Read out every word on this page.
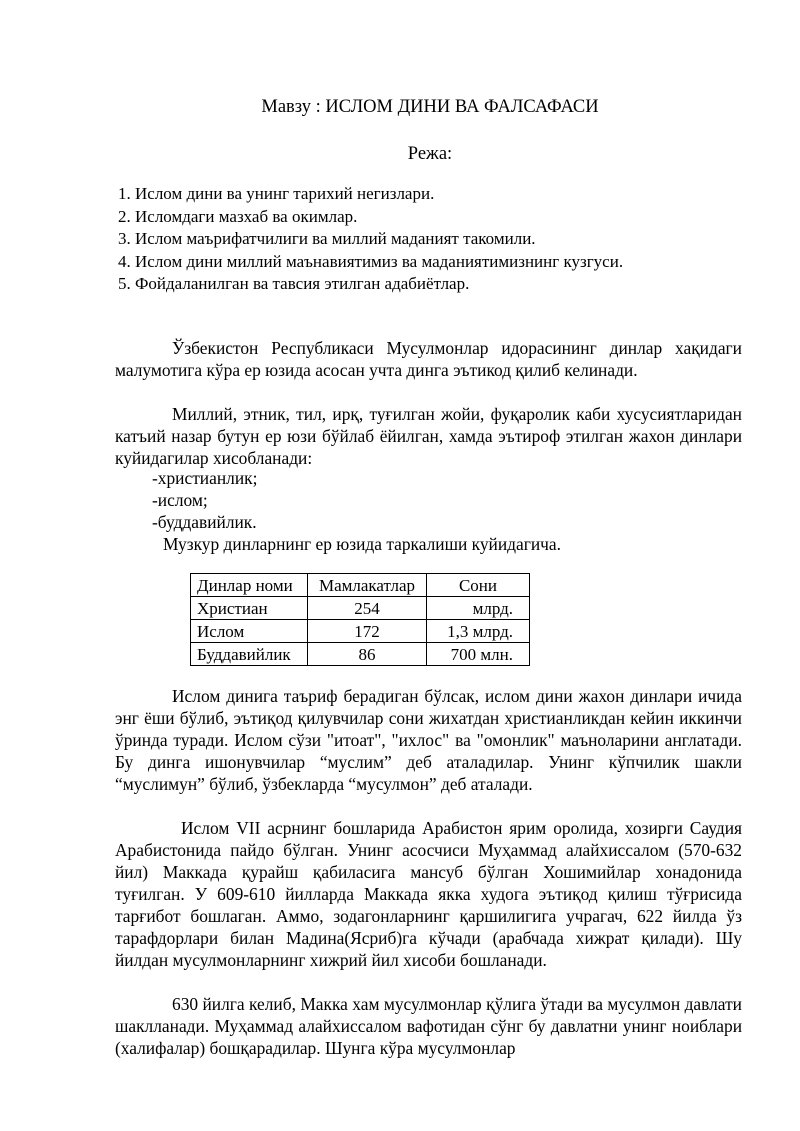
Мавзу : ИСЛОМ ДИНИ ВА ФАЛСАФАСИ
Режа:
1. Ислом дини ва унинг тарихий негизлари.
2. Исломдаги мазхаб ва окимлар.
3. Ислом маърифатчилиги ва миллий маданият такомили.
4. Ислом дини миллий маънавиятимиз ва маданиятимизнинг кузгуси.
5. Фойдаланилган ва тавсия этилган адабиётлар.

Ўзбекистон Республикаси Мусулмонлар идорасининг динлар хақидаги малумотига кўра ер юзида асосан учта динга эътикод қилиб келинади.

Миллий, этник, тил, ирқ, туғилган жойи, фуқаролик каби хусусиятларидан катъий назар бутун ер юзи бўйлаб ёйилган, хамда эътироф этилган жахон динлари куйидагилар хисобланади:

-христианлик;
-ислом;
-буддавийлик.
Музкур динларнинг ер юзида таркалиши куйидагича.
Динлар номи	Мамлакатлар	Сони
Христиан	254	млрд.
Ислом	172	1,3 млрд.
Буддавийлик	86	700 млн.

Ислом динига таъриф берадиган бўлсак, ислом дини жахон динлари ичида энг ёши бўлиб, эътиқод қилувчилар сони жихатдан христианликдан кейин иккинчи ўринда туради. Ислом сўзи "итоат", "ихлос" ва "омонлик" маъноларини англатади. Бу динга ишонувчилар “муслим” деб аталадилар. Унинг кўпчилик шакли “муслимун” бўлиб, ўзбекларда “мусулмон” деб аталади.

Ислом VII асрнинг бошларида Арабистон ярим оролида, хозирги Саудия Арабистонида пайдо бўлган. Унинг асосчиси Муҳаммад алайхиссалом (570-632 йил) Маккада қурайш қабиласига мансуб бўлган Хошимийлар хонадонида туғилган. У 609-610 йилларда Маккада якка худога эътиқод қилиш тўғрисида тарғибот бошлаган. Аммо, зодагонларнинг қаршилигига учрагач, 622 йилда ўз тарафдорлари билан Мадина(Ясриб)га кўчади (арабчада хижрат қилади). Шу йилдан мусулмонларнинг хижрий йил хисоби бошланади.

630 йилга келиб, Макка хам мусулмонлар қўлига ўтади ва мусулмон давлати шаклланади. Муҳаммад алайхиссалом вафотидан сўнг бу давлатни унинг ноиблари (халифалар) бошқарадилар. Шунга кўра мусулмонлар
